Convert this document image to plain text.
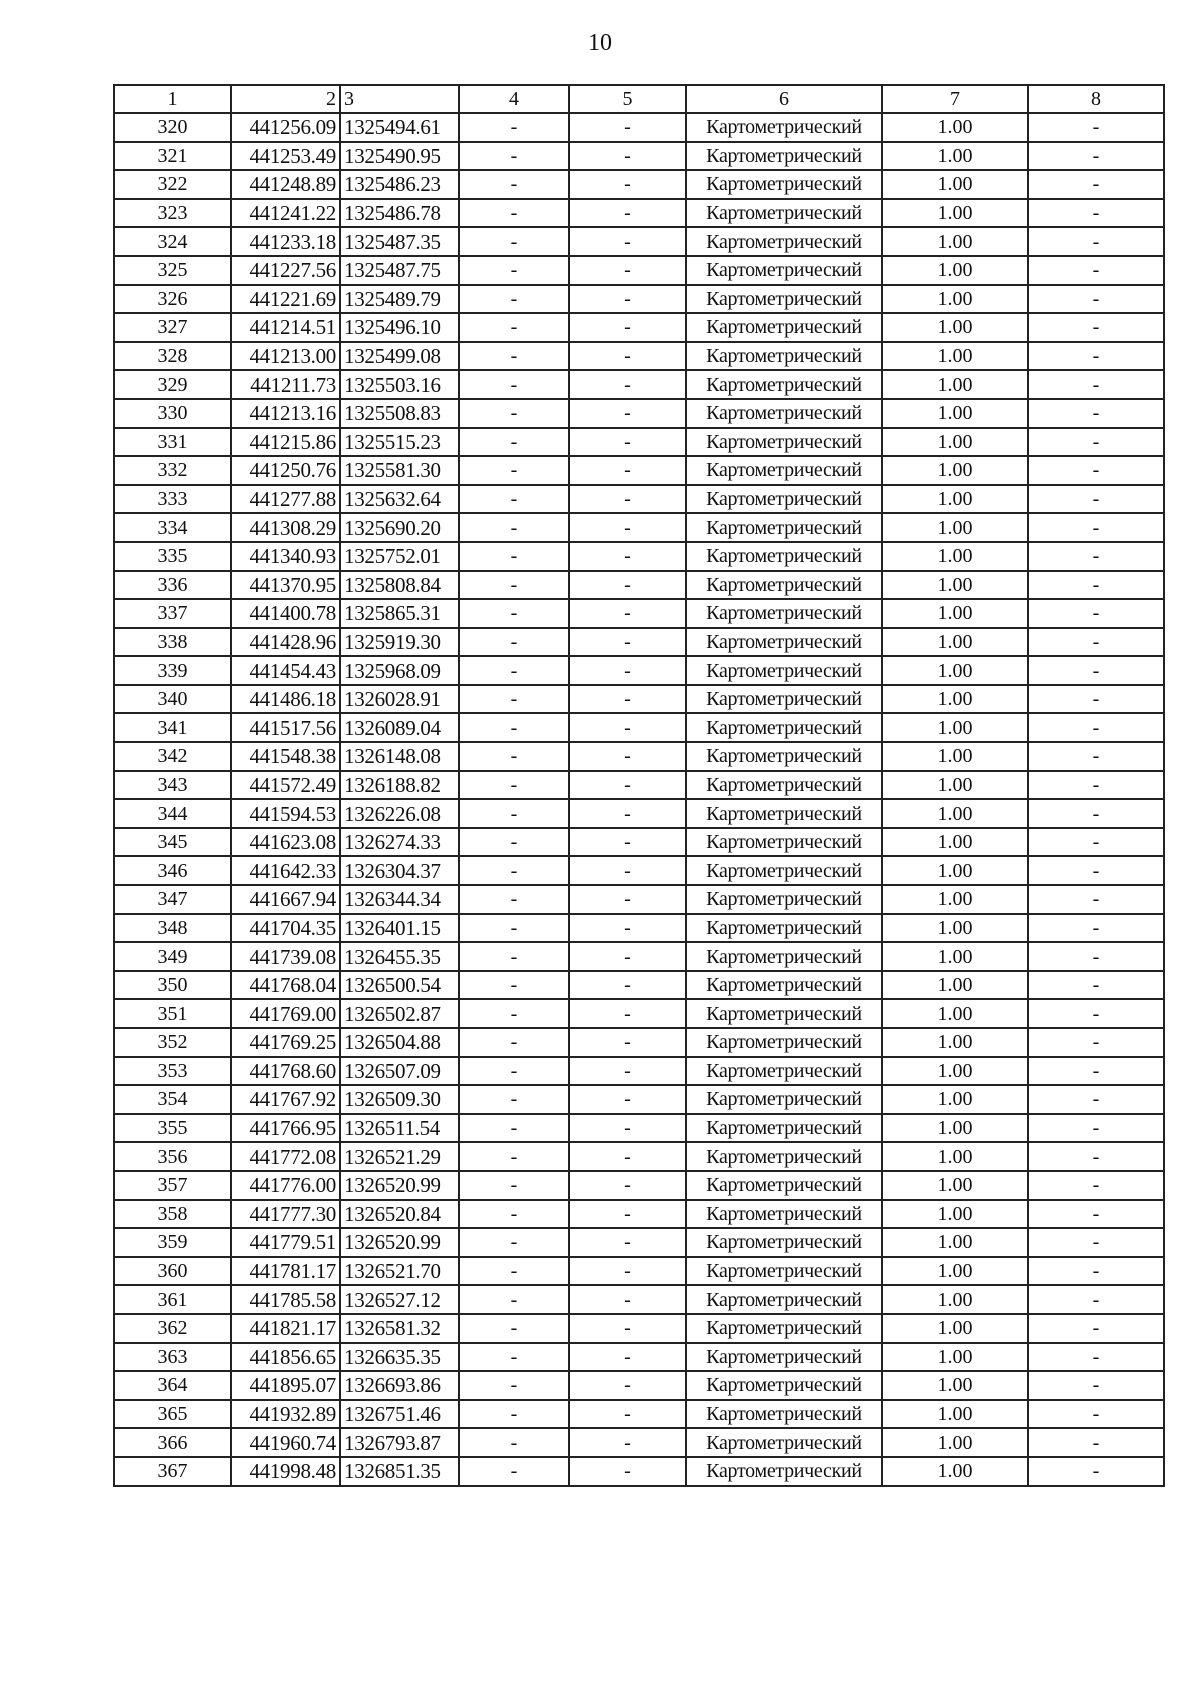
10
1	2	3	4	5	6	7	8
320	441256.09	1325494.61	-	-	Картометрический	1.00	-
321	441253.49	1325490.95	-	-	Картометрический	1.00	-
322	441248.89	1325486.23	-	-	Картометрический	1.00	-
323	441241.22	1325486.78	-	-	Картометрический	1.00	-
324	441233.18	1325487.35	-	-	Картометрический	1.00	-
325	441227.56	1325487.75	-	-	Картометрический	1.00	-
326	441221.69	1325489.79	-	-	Картометрический	1.00	-
327	441214.51	1325496.10	-	-	Картометрический	1.00	-
328	441213.00	1325499.08	-	-	Картометрический	1.00	-
329	441211.73	1325503.16	-	-	Картометрический	1.00	-
330	441213.16	1325508.83	-	-	Картометрический	1.00	-
331	441215.86	1325515.23	-	-	Картометрический	1.00	-
332	441250.76	1325581.30	-	-	Картометрический	1.00	-
333	441277.88	1325632.64	-	-	Картометрический	1.00	-
334	441308.29	1325690.20	-	-	Картометрический	1.00	-
335	441340.93	1325752.01	-	-	Картометрический	1.00	-
336	441370.95	1325808.84	-	-	Картометрический	1.00	-
337	441400.78	1325865.31	-	-	Картометрический	1.00	-
338	441428.96	1325919.30	-	-	Картометрический	1.00	-
339	441454.43	1325968.09	-	-	Картометрический	1.00	-
340	441486.18	1326028.91	-	-	Картометрический	1.00	-
341	441517.56	1326089.04	-	-	Картометрический	1.00	-
342	441548.38	1326148.08	-	-	Картометрический	1.00	-
343	441572.49	1326188.82	-	-	Картометрический	1.00	-
344	441594.53	1326226.08	-	-	Картометрический	1.00	-
345	441623.08	1326274.33	-	-	Картометрический	1.00	-
346	441642.33	1326304.37	-	-	Картометрический	1.00	-
347	441667.94	1326344.34	-	-	Картометрический	1.00	-
348	441704.35	1326401.15	-	-	Картометрический	1.00	-
349	441739.08	1326455.35	-	-	Картометрический	1.00	-
350	441768.04	1326500.54	-	-	Картометрический	1.00	-
351	441769.00	1326502.87	-	-	Картометрический	1.00	-
352	441769.25	1326504.88	-	-	Картометрический	1.00	-
353	441768.60	1326507.09	-	-	Картометрический	1.00	-
354	441767.92	1326509.30	-	-	Картометрический	1.00	-
355	441766.95	1326511.54	-	-	Картометрический	1.00	-
356	441772.08	1326521.29	-	-	Картометрический	1.00	-
357	441776.00	1326520.99	-	-	Картометрический	1.00	-
358	441777.30	1326520.84	-	-	Картометрический	1.00	-
359	441779.51	1326520.99	-	-	Картометрический	1.00	-
360	441781.17	1326521.70	-	-	Картометрический	1.00	-
361	441785.58	1326527.12	-	-	Картометрический	1.00	-
362	441821.17	1326581.32	-	-	Картометрический	1.00	-
363	441856.65	1326635.35	-	-	Картометрический	1.00	-
364	441895.07	1326693.86	-	-	Картометрический	1.00	-
365	441932.89	1326751.46	-	-	Картометрический	1.00	-
366	441960.74	1326793.87	-	-	Картометрический	1.00	-
367	441998.48	1326851.35	-	-	Картометрический	1.00	-
